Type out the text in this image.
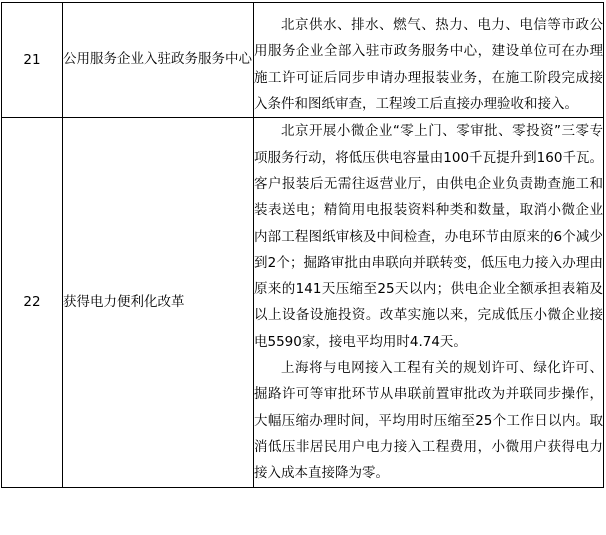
21	公用服务企业入驻政务服务中心	北京供水、排水、燃气、热力、电力、电信等市政公用服务企业全部入驻市政务服务中心，建设单位可在办理施工许可证后同步申请办理报装业务，在施工阶段完成接入条件和图纸审查，工程竣工后直接办理验收和接入。

22	获得电力便利化改革	北京开展小微企业“零上门、零审批、零投资”三零专项服务行动，将低压供电容量由100千瓦提升到160千瓦。客户报装后无需往返营业厅，由供电企业负责勘查施工和装表送电；精简用电报装资料种类和数量，取消小微企业内部工程图纸审核及中间检查，办电环节由原来的6个减少到2个；掘路审批由串联向并联转变，低压电力接入办理由原来的141天压缩至25天以内；供电企业全额承担表箱及以上设备设施投资。改革实施以来，完成低压小微企业接电5590家，接电平均用时4.74天。

上海将与电网接入工程有关的规划许可、绿化许可、掘路许可等审批环节从串联前置审批改为并联同步操作，大幅压缩办理时间，平均用时压缩至25个工作日以内。取消低压非居民用户电力接入工程费用，小微用户获得电力接入成本直接降为零。
